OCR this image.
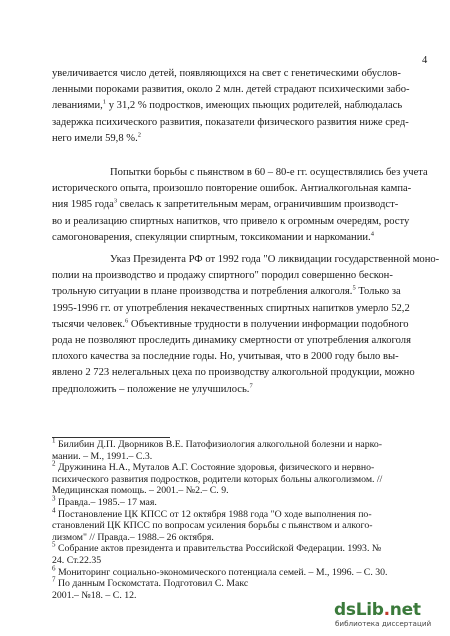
4

увеличивается число детей, появляющихся на свет с генетическими обуслов-
ленными пороками развития, около 2 млн. детей страдают психическими забо-
леваниями,$^1$ у 31,2 % подростков, имеющих пьющих родителей, наблюдалась
задержка психического развития, показатели физического развития ниже сред-
него имели 59,8 %.$^2$

Попытки борьбы с пьянством в 60 – 80-е гг. осуществлялись без учета
исторического опыта, произошло повторение ошибок. Антиалкогольная кампа-
ния 1985 года$^3$ свелась к запретительным мерам, ограничившим производст-
во и реализацию спиртных напитков, что привело к огромным очередям, росту
самогоноварения, спекуляции спиртным, токсикомании и наркомании.$^4$

Указ Президента РФ от 1992 года "О ликвидации государственной моно-
полии на производство и продажу спиртного" породил совершенно бескон-
трольную ситуации в плане производства и потребления алкоголя.$^5$ Только за
1995-1996 гг. от употребления некачественных спиртных напитков умерло 52,2
тысячи человек.$^6$ Объективные трудности в получении информации подобного
рода не позволяют проследить динамику смертности от употребления алкоголя
плохого качества за последние годы. Но, учитывая, что в 2000 году было вы-
явлено 2 723 нелегальных цеха по производству алкогольной продукции, можно
предположить – положение не улучшилось.$^7$

$^1$ Билибин Д.П. Дворников В.Е. Патофизиология алкогольной болезни и нарко-
мании. – М., 1991.– С.3.
$^2$ Дружинина Н.А., Муталов А.Г. Состояние здоровья, физического и нервно-
психического развития подростков, родители которых больны алкоголизмом. //
Медицинская помощь. – 2001.– №2.– С. 9.
$^3$ Правда.– 1985.– 17 мая.
$^4$ Постановление ЦК КПСС от 12 октября 1988 года "О ходе выполнения по-
становлений ЦК КПСС по вопросам усиления борьбы с пьянством и алкого-
лизмом" // Правда.– 1988.– 26 октября.
$^5$ Собрание актов президента и правительства Российской Федерации. 1993. №
24. Ст.22.35
$^6$ Мониторинг социально-экономического потенциала семей. – М., 1996. – С. 30.
$^7$ По данным Госкомстата. Подготовил С. Макс
2001.– №18. – С. 12.
dsLib.net
библиотека диссертаций
